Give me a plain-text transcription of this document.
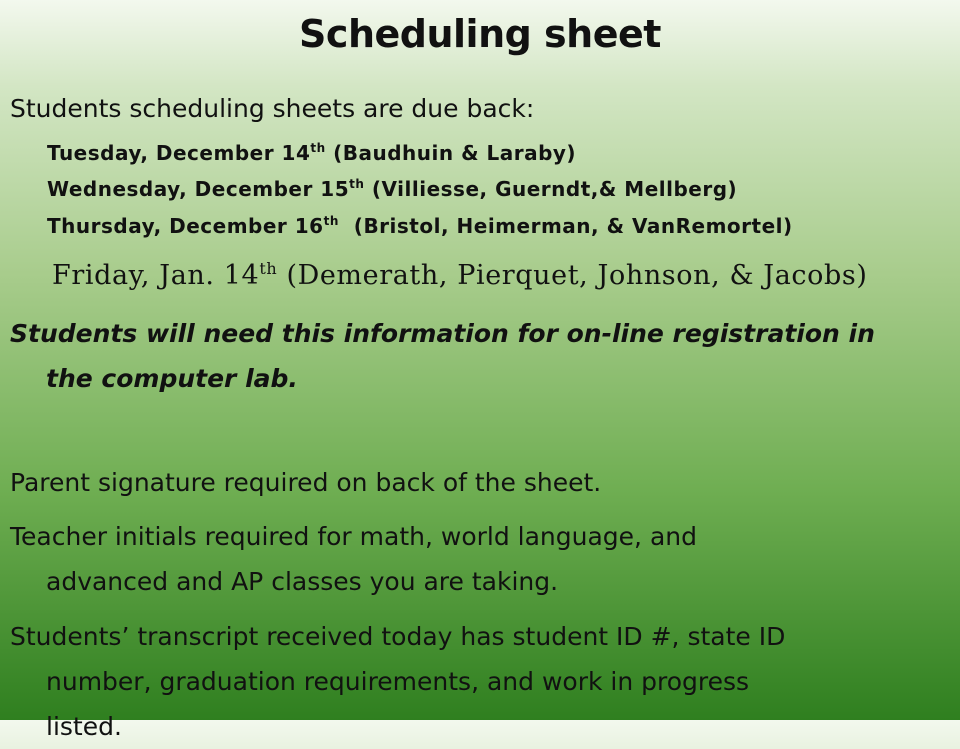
Scheduling sheet
Students scheduling sheets are due back:
Tuesday, December 14th (Baudhuin & Laraby)
Wednesday, December 15th (Villiesse, Guerndt,& Mellberg)
Thursday, December 16th  (Bristol, Heimerman, & VanRemortel)
Friday, Jan. 14th (Demerath, Pierquet, Johnson, & Jacobs)
Students will need this information for on-line registration in
the computer lab.
Parent signature required on back of the sheet.
Teacher initials required for math, world language, and
advanced and AP classes you are taking.
Students’ transcript received today has student ID #, state ID
number, graduation requirements, and work in progress
listed.
